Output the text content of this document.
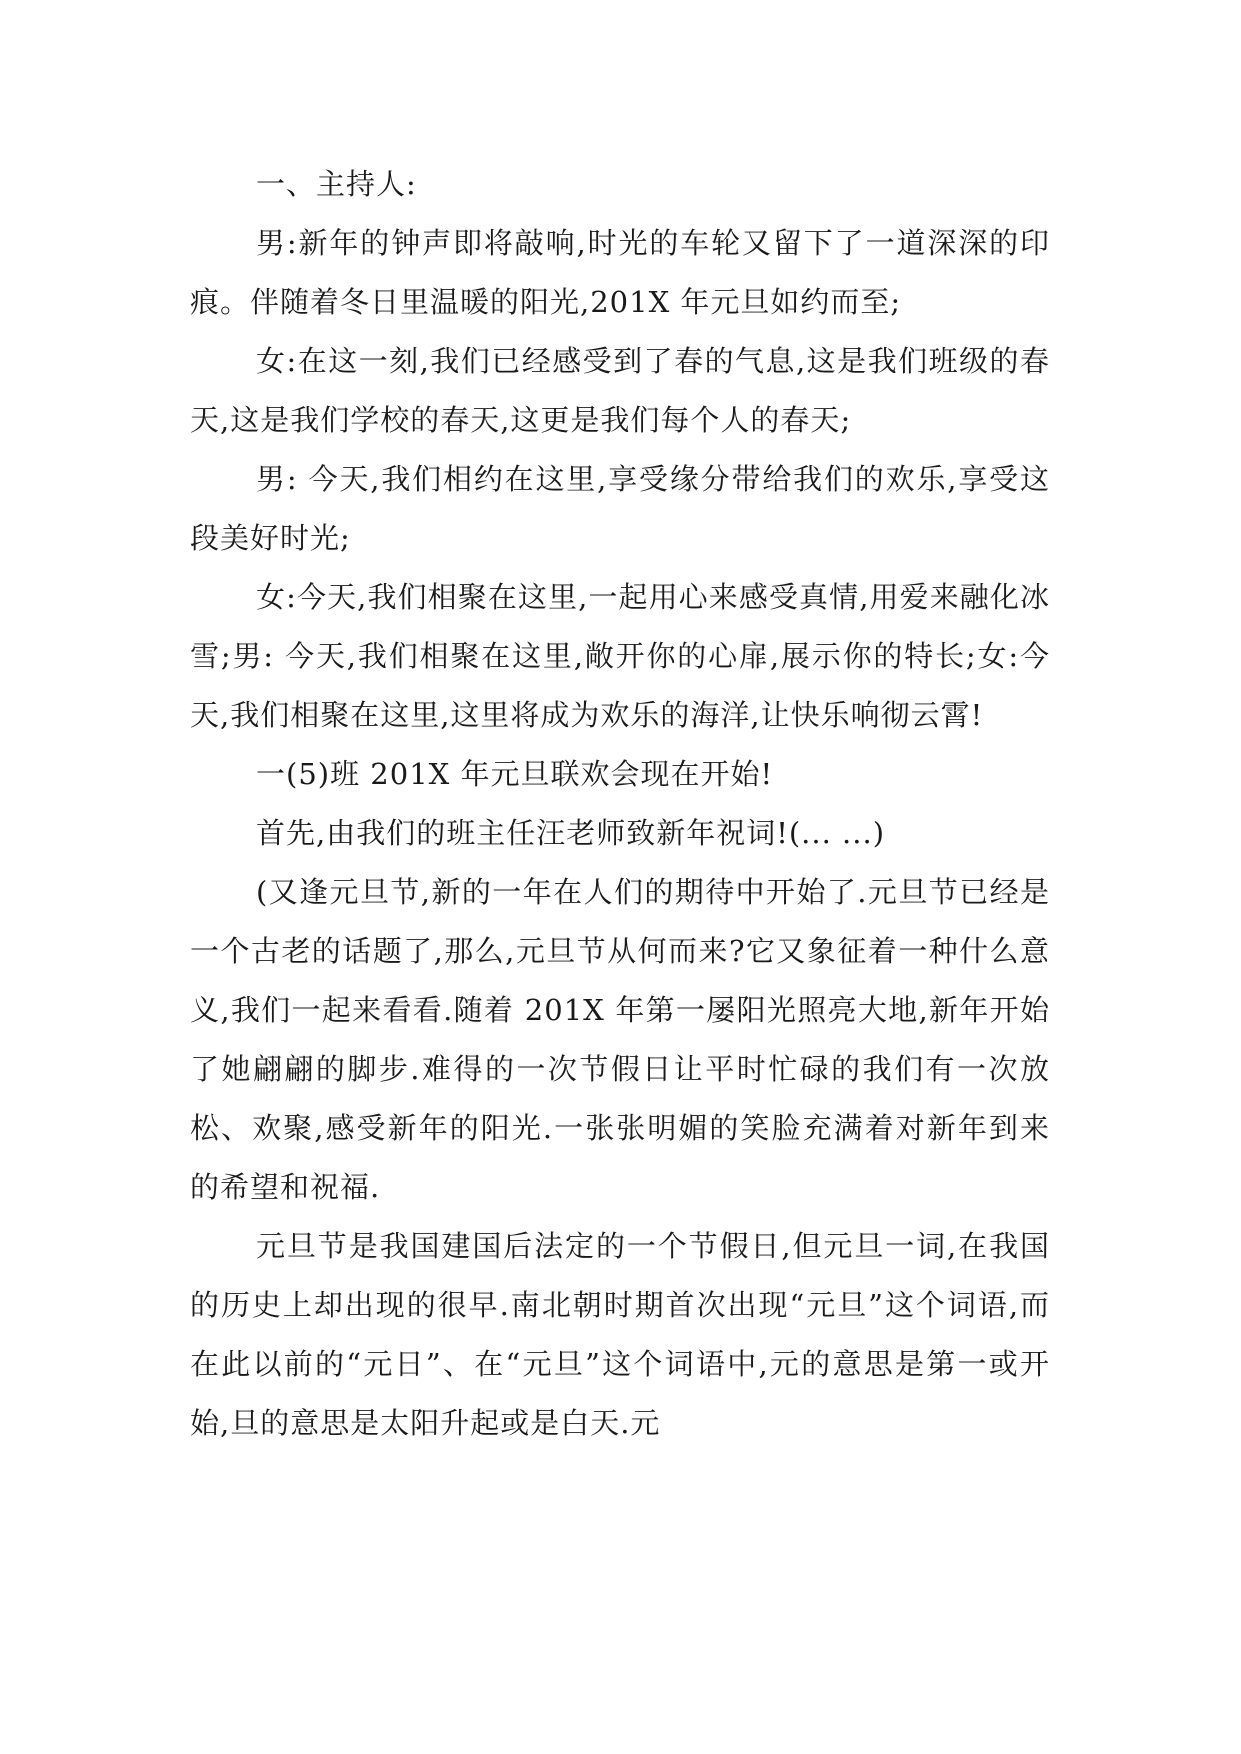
一、主持人:

男:新年的钟声即将敲响,时光的车轮又留下了一道深深的印痕。伴随着冬日里温暖的阳光,201X 年元旦如约而至;

女:在这一刻,我们已经感受到了春的气息,这是我们班级的春天,这是我们学校的春天,这更是我们每个人的春天;

男: 今天,我们相约在这里,享受缘分带给我们的欢乐,享受这段美好时光;

女:今天,我们相聚在这里,一起用心来感受真情,用爱来融化冰雪;男: 今天,我们相聚在这里,敞开你的心扉,展示你的特长;女:今天,我们相聚在这里,这里将成为欢乐的海洋,让快乐响彻云霄!

一(5)班 201X 年元旦联欢会现在开始!

首先,由我们的班主任汪老师致新年祝词!(... ...)

(又逢元旦节,新的一年在人们的期待中开始了.元旦节已经是一个古老的话题了,那么,元旦节从何而来?它又象征着一种什么意义,我们一起来看看.随着 201X 年第一屡阳光照亮大地,新年开始了她翩翩的脚步.难得的一次节假日让平时忙碌的我们有一次放松、欢聚,感受新年的阳光.一张张明媚的笑脸充满着对新年到来的希望和祝福.

元旦节是我国建国后法定的一个节假日,但元旦一词,在我国的历史上却出现的很早.南北朝时期首次出现“元旦”这个词语,而在此以前的“元日”、在“元旦”这个词语中,元的意思是第一或开始,旦的意思是太阳升起或是白天.元
